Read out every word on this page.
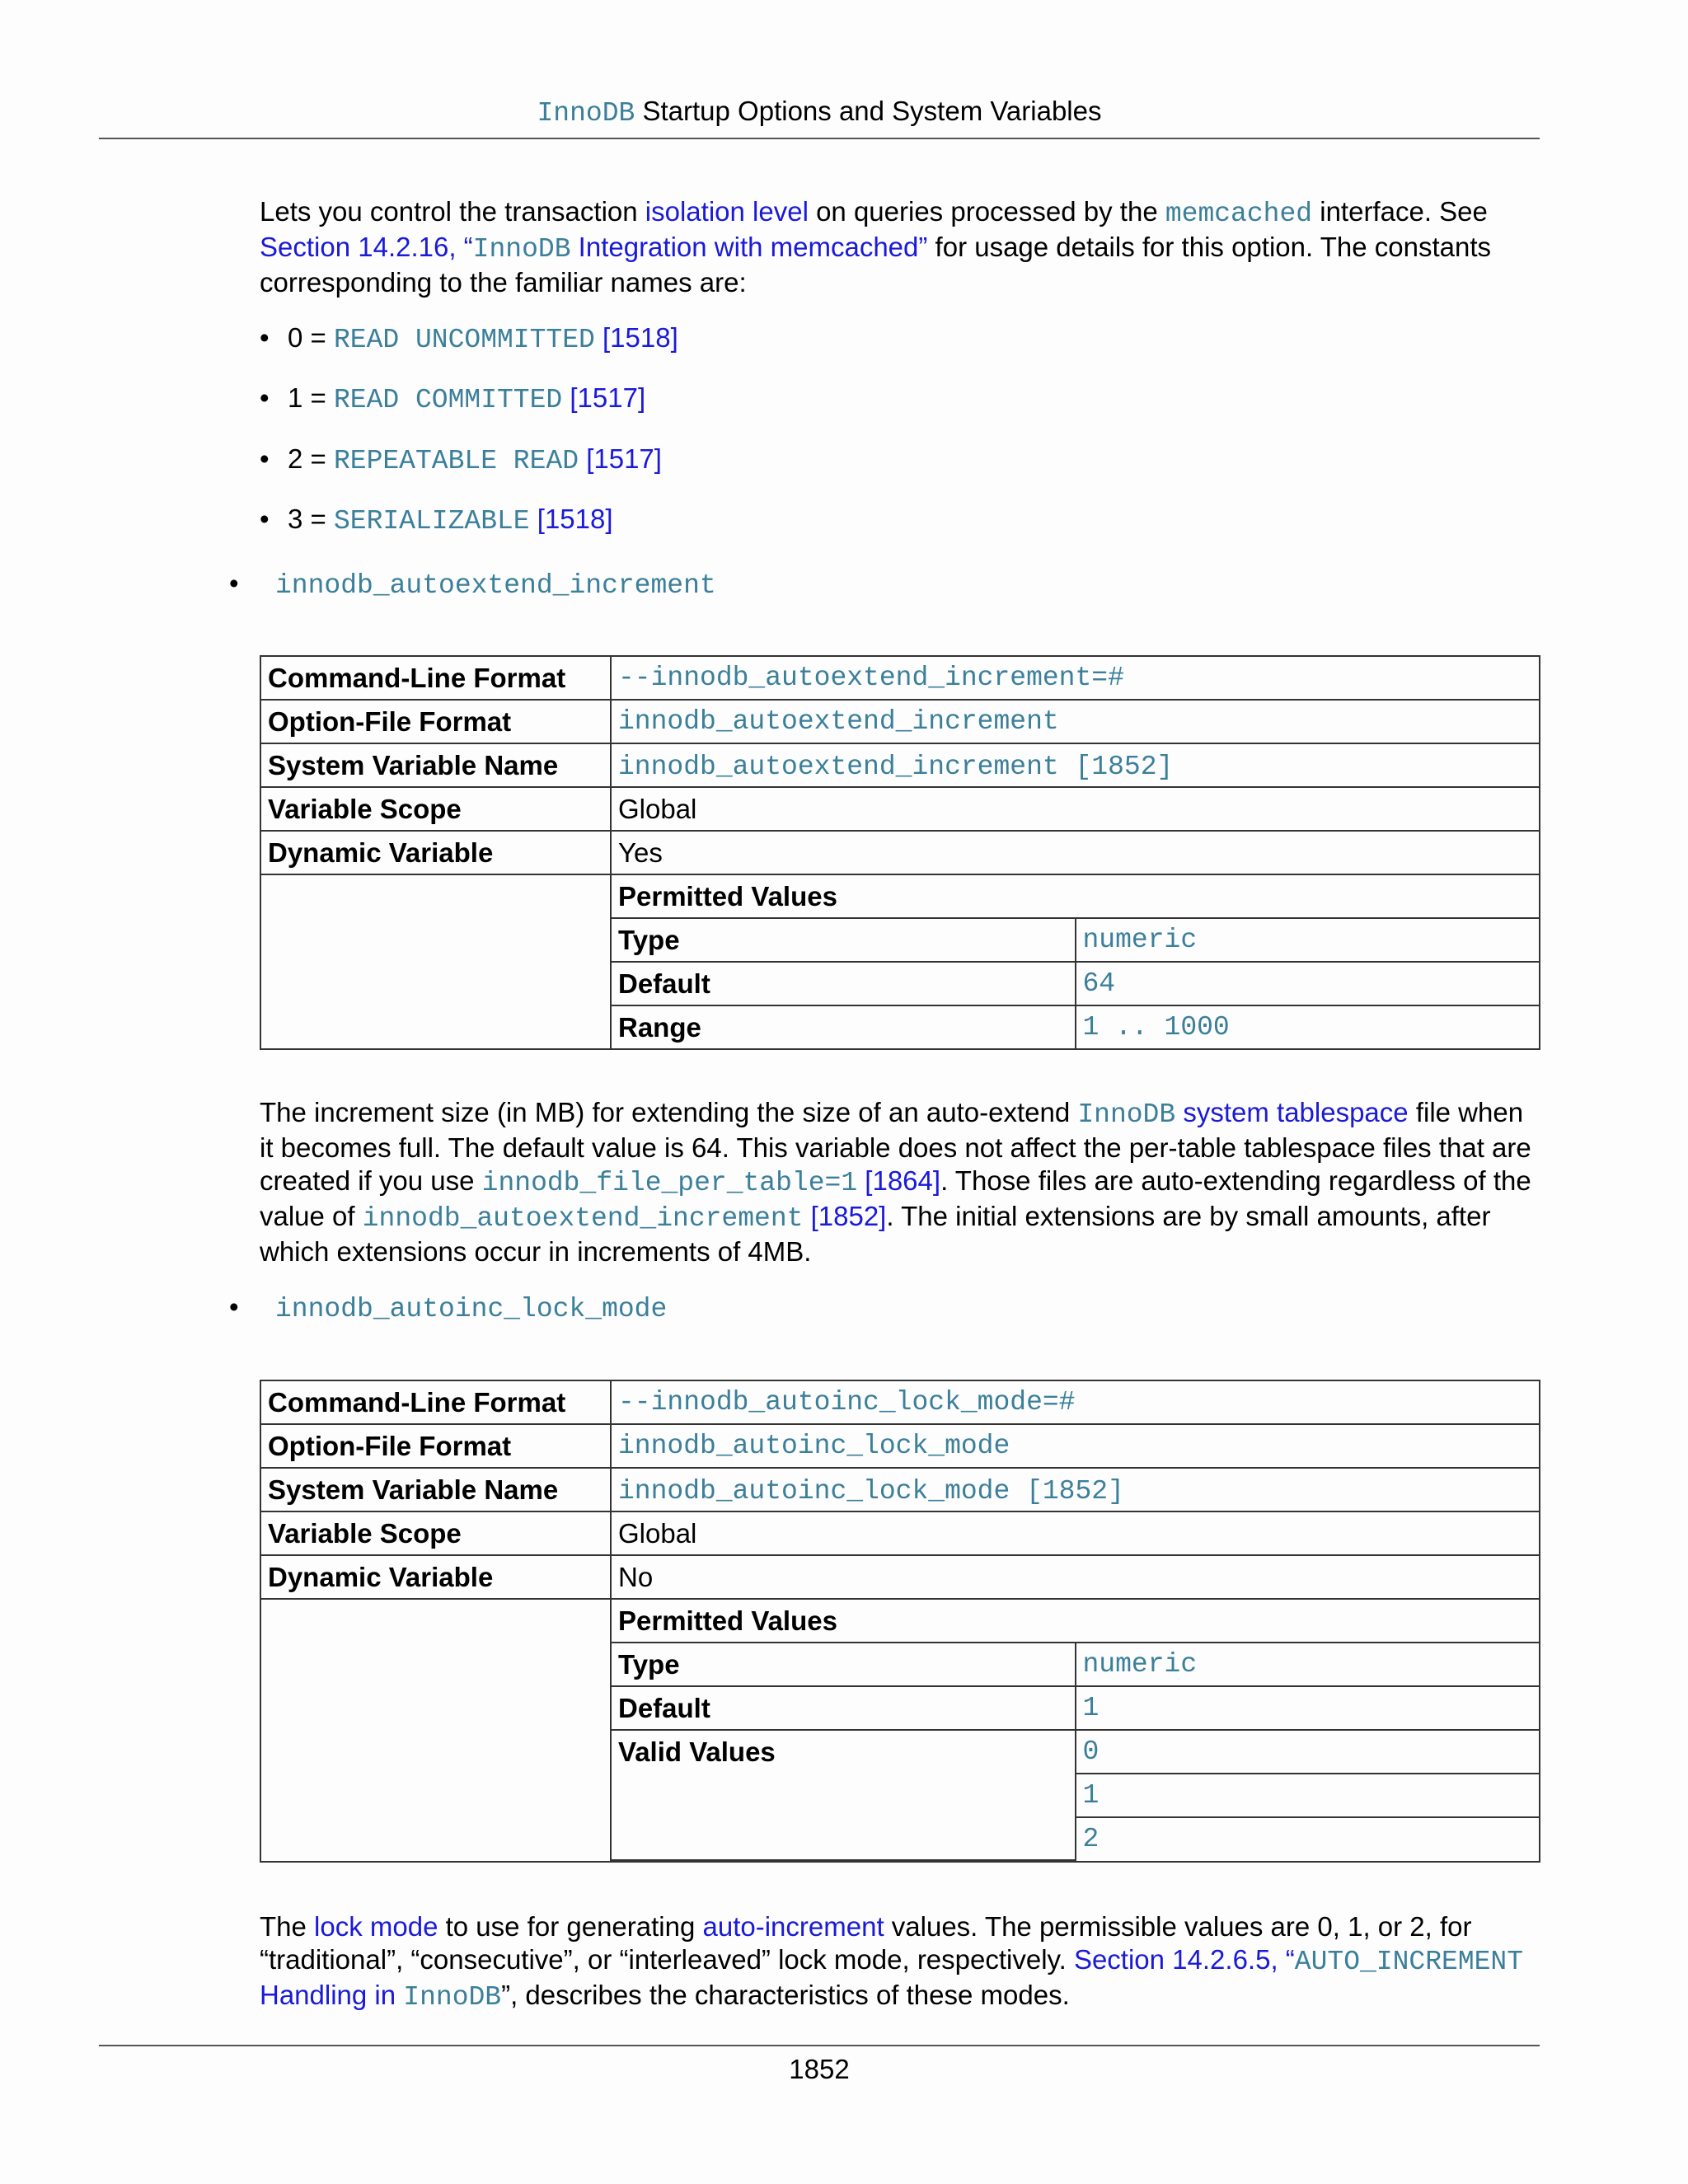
InnoDB Startup Options and System Variables

Lets you control the transaction isolation level on queries processed by the memcached interface. See Section 14.2.16, “InnoDB Integration with memcached” for usage details for this option. The constants corresponding to the familiar names are:

• 0 = READ UNCOMMITTED [1518]
• 1 = READ COMMITTED [1517]
• 2 = REPEATABLE READ [1517]
• 3 = SERIALIZABLE [1518]
• innodb_autoextend_increment
Command-Line Format	--innodb_autoextend_increment=#
Option-File Format	innodb_autoextend_increment
System Variable Name	innodb_autoextend_increment [1852]
Variable Scope	Global
Dynamic Variable	Yes

Permitted Values
Type	numeric
Default	64
Range	1 .. 1000

The increment size (in MB) for extending the size of an auto-extend InnoDB system tablespace file when it becomes full. The default value is 64. This variable does not affect the per-table tablespace files that are created if you use innodb_file_per_table=1 [1864]. Those files are auto-extending regardless of the value of innodb_autoextend_increment [1852]. The initial extensions are by small amounts, after which extensions occur in increments of 4MB.

• innodb_autoinc_lock_mode
Command-Line Format	--innodb_autoinc_lock_mode=#
Option-File Format	innodb_autoinc_lock_mode
System Variable Name	innodb_autoinc_lock_mode [1852]
Variable Scope	Global
Dynamic Variable	No

Permitted Values
Type	numeric
Default	1
Valid Values	0
1
2

The lock mode to use for generating auto-increment values. The permissible values are 0, 1, or 2, for “traditional”, “consecutive”, or “interleaved” lock mode, respectively. Section 14.2.6.5, “AUTO_INCREMENT Handling in InnoDB”, describes the characteristics of these modes.

1852
